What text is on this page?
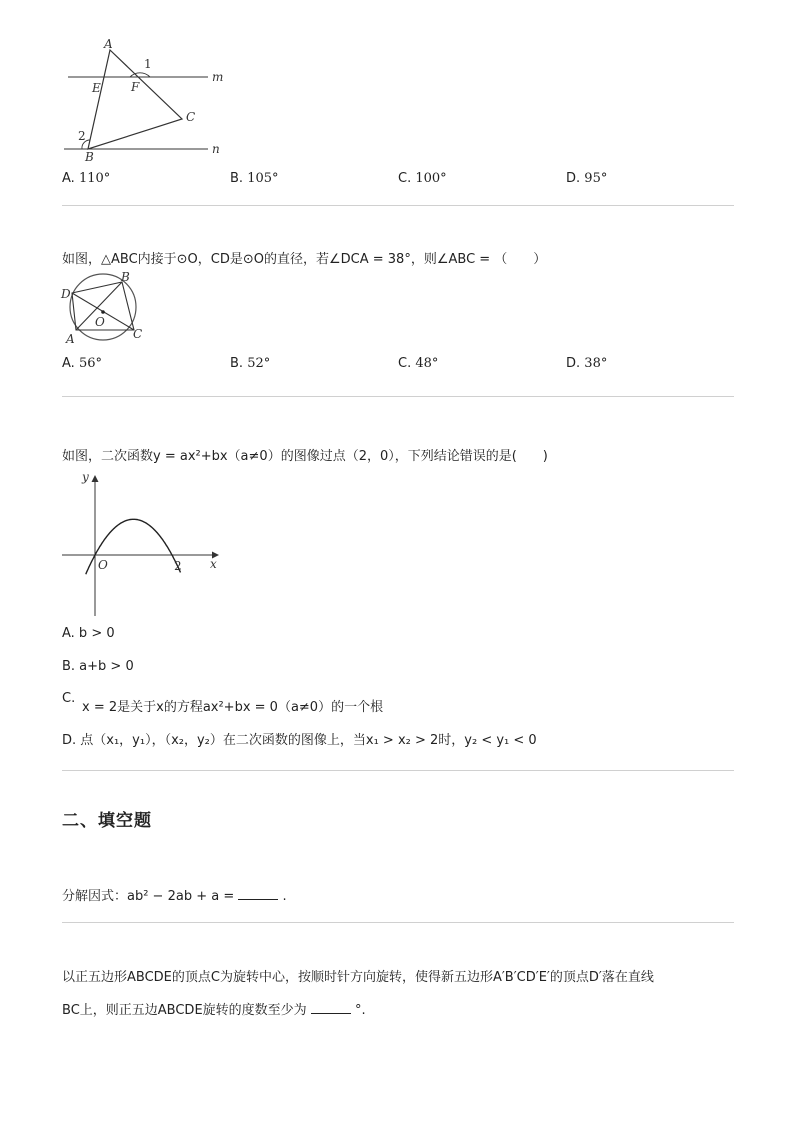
A
E	F
C
B
m
n
1
2
A. 110°	B. 105°	C. 100°	D. 95°
如图，△ABC内接于⊙O，CD是⊙O的直径，若∠DCA = 38°，则∠ABC = （　　）
D
B
O
A	C
A. 56°	B. 52°	C. 48°	D. 38°
如图，二次函数y = ax²+bx（a≠0）的图像过点（2，0），下列结论错误的是(　　)
y
x
O	2
A. b > 0
B. a+b > 0
C.
x = 2是关于x的方程ax²+bx = 0（a≠0）的一个根
D. 点（x₁，y₁），（x₂，y₂）在二次函数的图像上，当x₁ > x₂ > 2时，y₂ < y₁ < 0
二、填空题
分解因式：ab² − 2ab + a =	.
以正五边形ABCDE的顶点C为旋转中心，按顺时针方向旋转，使得新五边形A′B′CD′E′的顶点D′落在直线
BC上，则正五边ABCDE旋转的度数至少为	°.
